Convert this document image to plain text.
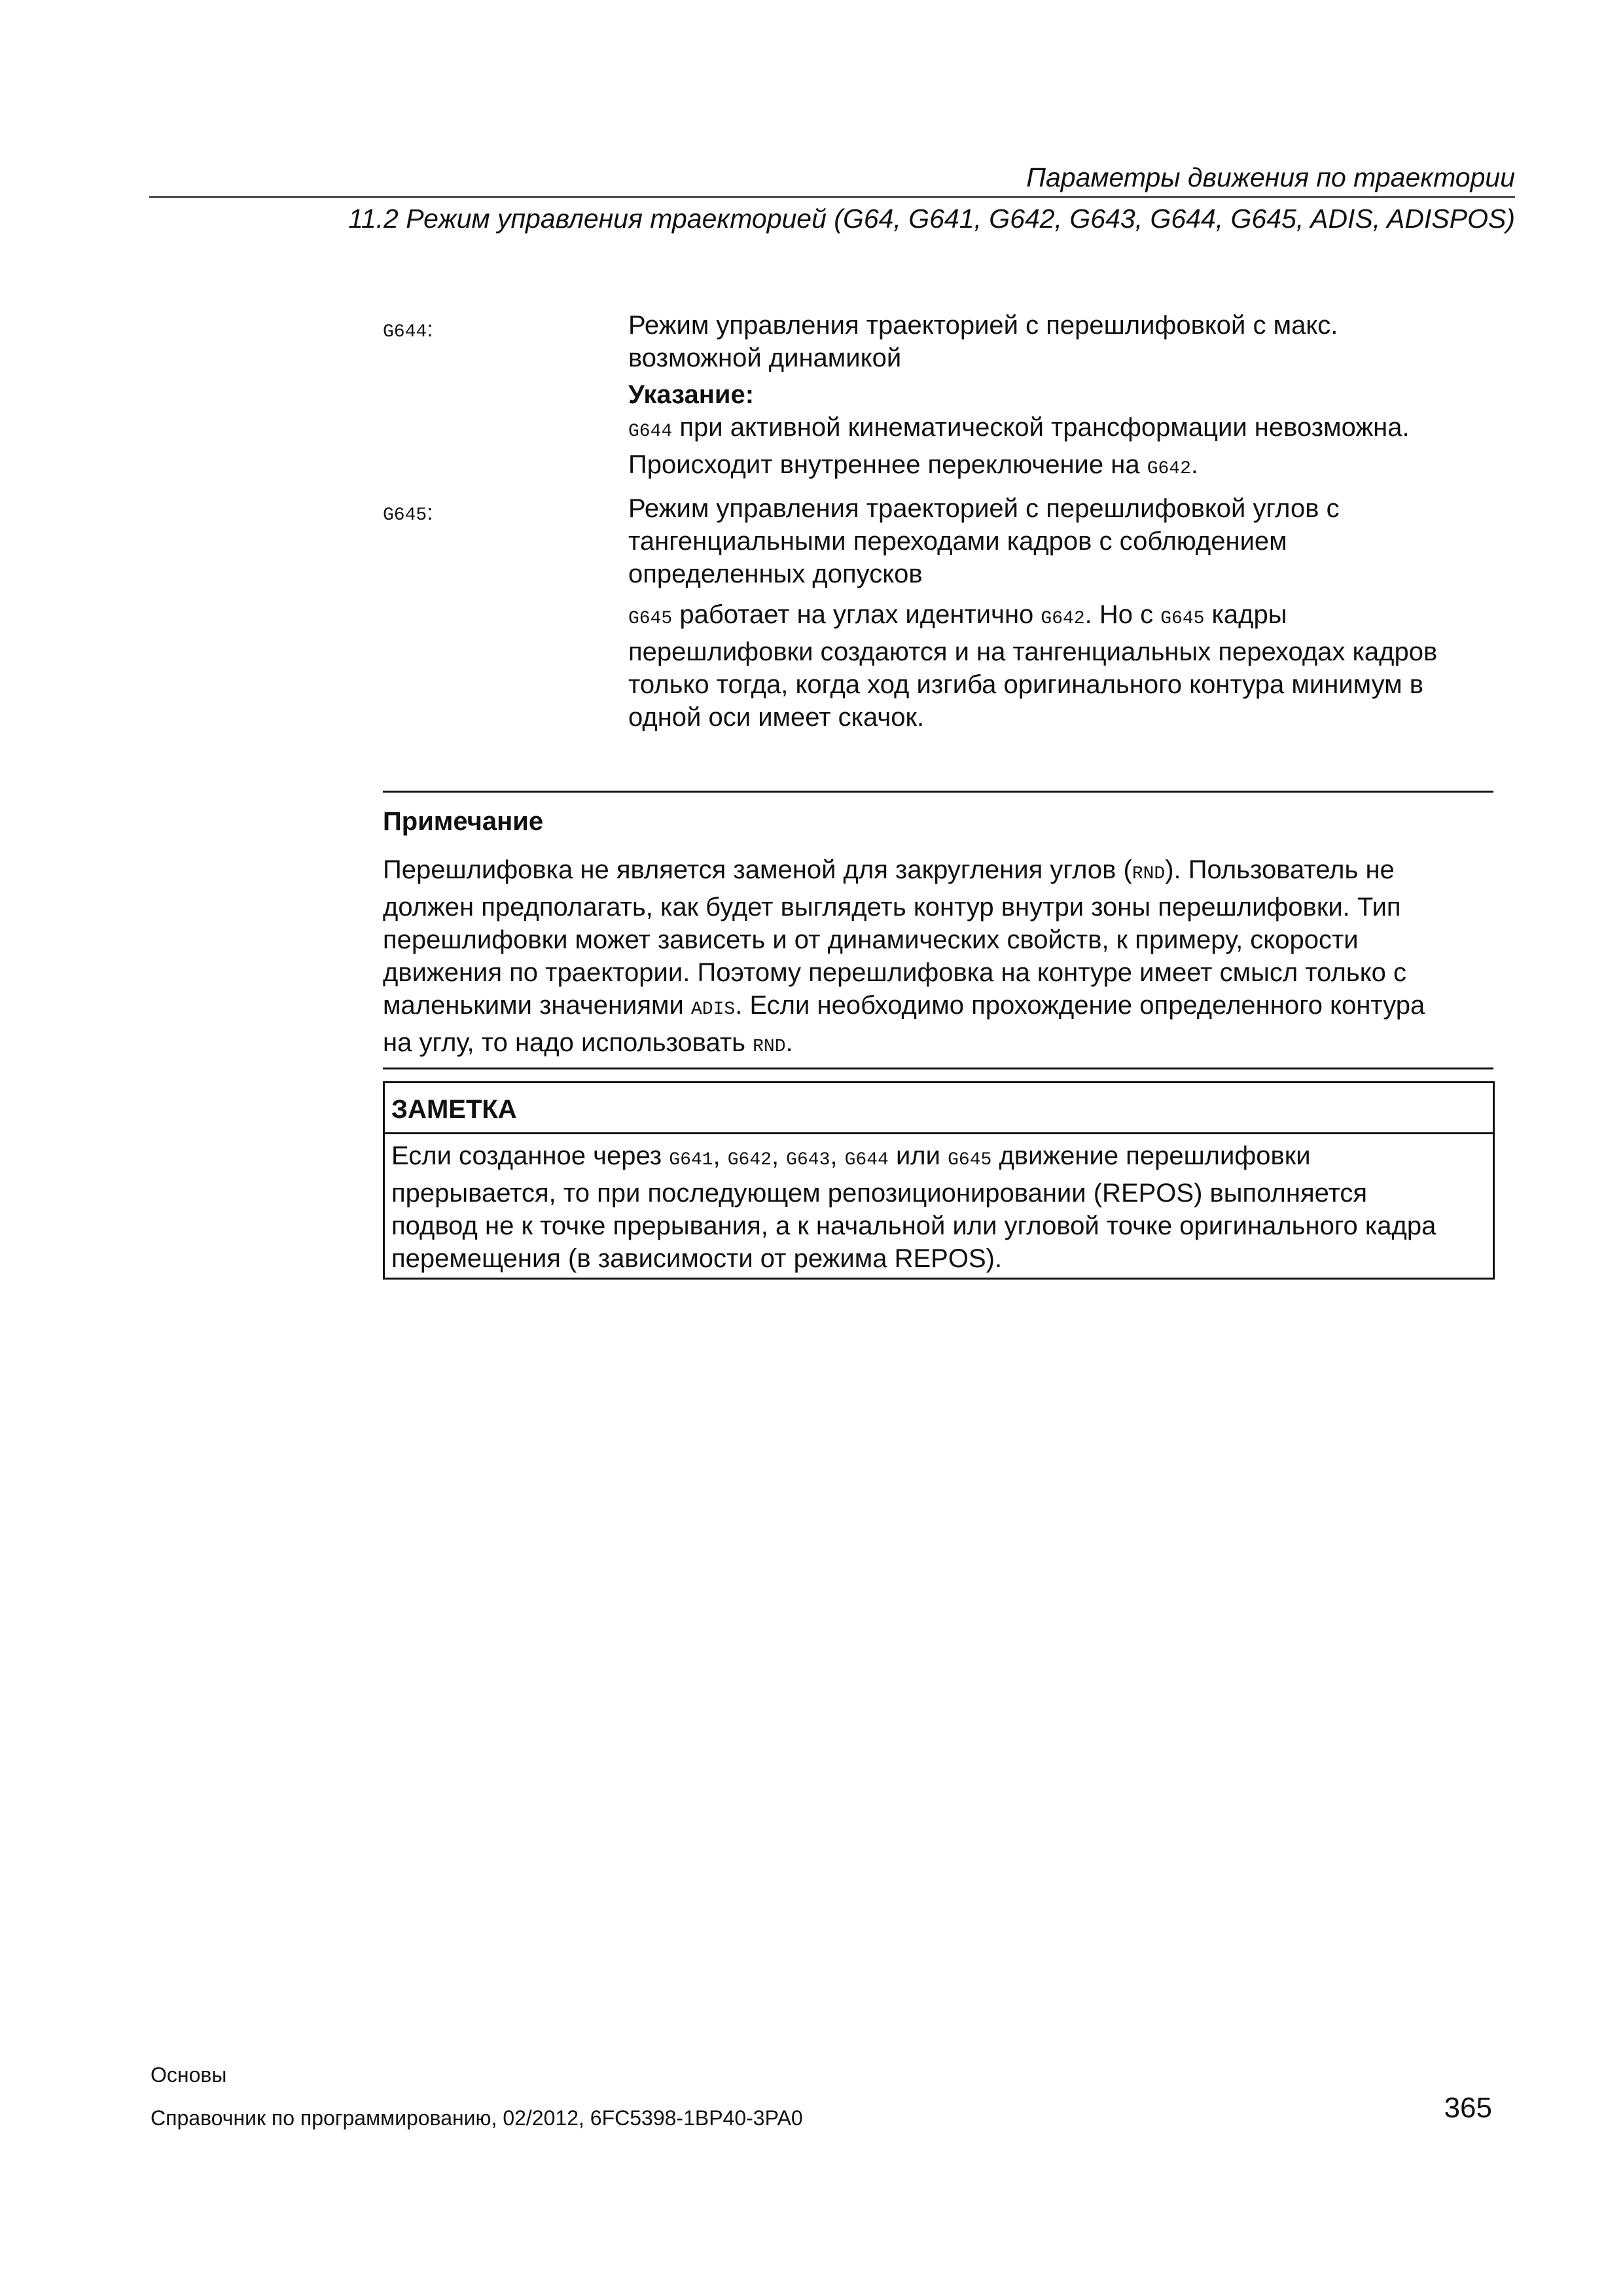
Параметры движения по траектории
11.2 Режим управления траекторией (G64, G641, G642, G643, G644, G645, ADIS, ADISPOS)
G644:	Режим управления траекторией с перешлифовкой с макс.

возможной динамикой

Указание:

G644 при активной кинематической трансформации невозможна.

Происходит внутреннее переключение на G642.

G645:	Режим управления траекторией с перешлифовкой углов с

тангенциальными переходами кадров с соблюдением

определенных допусков

G645 работает на углах идентично G642. Но с G645 кадры

перешлифовки создаются и на тангенциальных переходах кадров

только тогда, когда ход изгиба оригинального контура минимум в

одной оси имеет скачок.

Примечание
Перешлифовка не является заменой для закругления углов (RND). Пользователь не
должен предполагать, как будет выглядеть контур внутри зоны перешлифовки. Тип
перешлифовки может зависеть и от динамических свойств, к примеру, скорости
движения по траектории. Поэтому перешлифовка на контуре имеет смысл только с
маленькими значениями ADIS. Если необходимо прохождение определенного контура
на углу, то надо использовать RND.
ЗАМЕТКА
Если созданное через G641, G642, G643, G644 или G645 движение перешлифовки
прерывается, то при последующем репозиционировании (REPOS) выполняется
подвод не к точке прерывания, а к начальной или угловой точке оригинального кадра
перемещения (в зависимости от режима REPOS).
Основы
Справочник по программированию, 02/2012, 6FC5398-1BP40-3PA0	365
